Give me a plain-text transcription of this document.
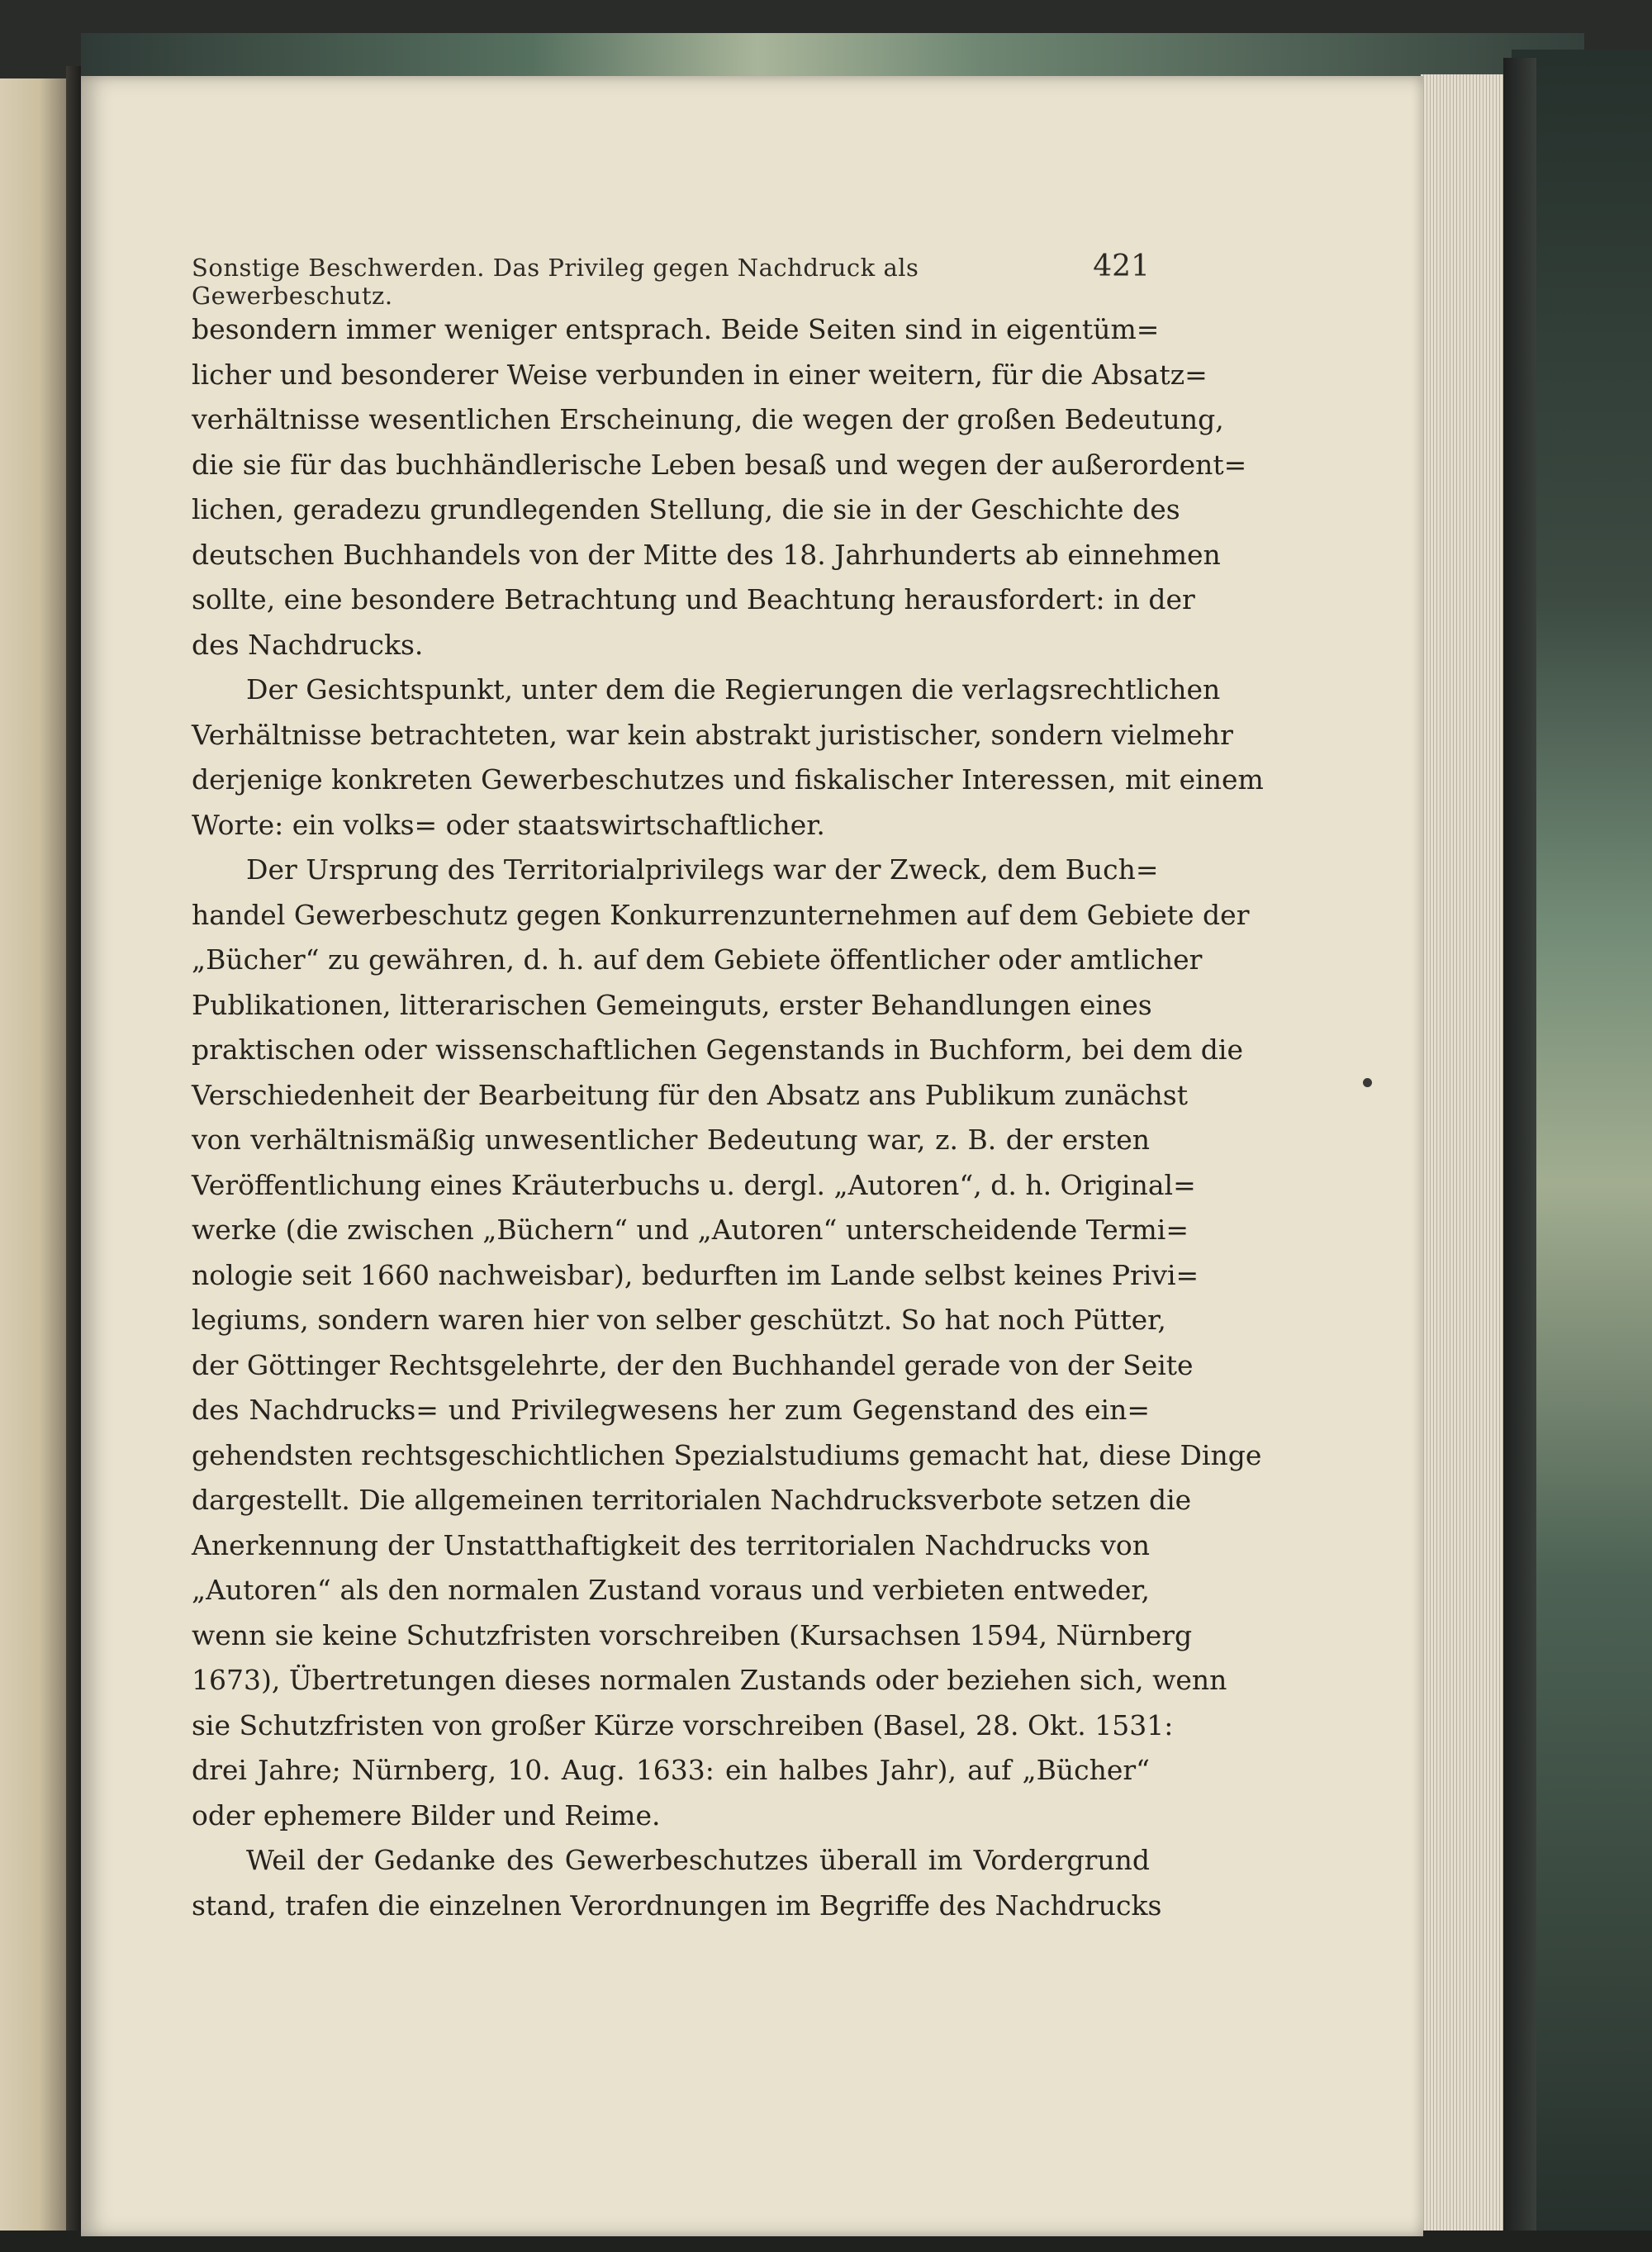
Sonstige Beschwerden. Das Privileg gegen Nachdruck als Gewerbeschutz.
421
besondern immer weniger entsprach. Beide Seiten sind in eigentüm=
licher und besonderer Weise verbunden in einer weitern, für die Absatz=
verhältnisse wesentlichen Erscheinung, die wegen der großen Bedeutung,
die sie für das buchhändlerische Leben besaß und wegen der außerordent=
lichen, geradezu grundlegenden Stellung, die sie in der Geschichte des
deutschen Buchhandels von der Mitte des 18. Jahrhunderts ab einnehmen
sollte, eine besondere Betrachtung und Beachtung herausfordert: in der
des Nachdrucks.
Der Gesichtspunkt, unter dem die Regierungen die verlagsrechtlichen
Verhältnisse betrachteten, war kein abstrakt juristischer, sondern vielmehr
derjenige konkreten Gewerbeschutzes und fiskalischer Interessen, mit einem
Worte: ein volks= oder staatswirtschaftlicher.
Der Ursprung des Territorialprivilegs war der Zweck, dem Buch=
handel Gewerbeschutz gegen Konkurrenzunternehmen auf dem Gebiete der
„Bücher“ zu gewähren, d. h. auf dem Gebiete öffentlicher oder amtlicher
Publikationen, litterarischen Gemeinguts, erster Behandlungen eines
praktischen oder wissenschaftlichen Gegenstands in Buchform, bei dem die
Verschiedenheit der Bearbeitung für den Absatz ans Publikum zunächst
von verhältnismäßig unwesentlicher Bedeutung war, z. B. der ersten
Veröffentlichung eines Kräuterbuchs u. dergl. „Autoren“, d. h. Original=
werke (die zwischen „Büchern“ und „Autoren“ unterscheidende Termi=
nologie seit 1660 nachweisbar), bedurften im Lande selbst keines Privi=
legiums, sondern waren hier von selber geschützt. So hat noch Pütter,
der Göttinger Rechtsgelehrte, der den Buchhandel gerade von der Seite
des Nachdrucks= und Privilegwesens her zum Gegenstand des ein=
gehendsten rechtsgeschichtlichen Spezialstudiums gemacht hat, diese Dinge
dargestellt. Die allgemeinen territorialen Nachdrucksverbote setzen die
Anerkennung der Unstatthaftigkeit des territorialen Nachdrucks von
„Autoren“ als den normalen Zustand voraus und verbieten entweder,
wenn sie keine Schutzfristen vorschreiben (Kursachsen 1594, Nürnberg
1673), Übertretungen dieses normalen Zustands oder beziehen sich, wenn
sie Schutzfristen von großer Kürze vorschreiben (Basel, 28. Okt. 1531:
drei Jahre; Nürnberg, 10. Aug. 1633: ein halbes Jahr), auf „Bücher“
oder ephemere Bilder und Reime.
Weil der Gedanke des Gewerbeschutzes überall im Vordergrund
stand, trafen die einzelnen Verordnungen im Begriffe des Nachdrucks
